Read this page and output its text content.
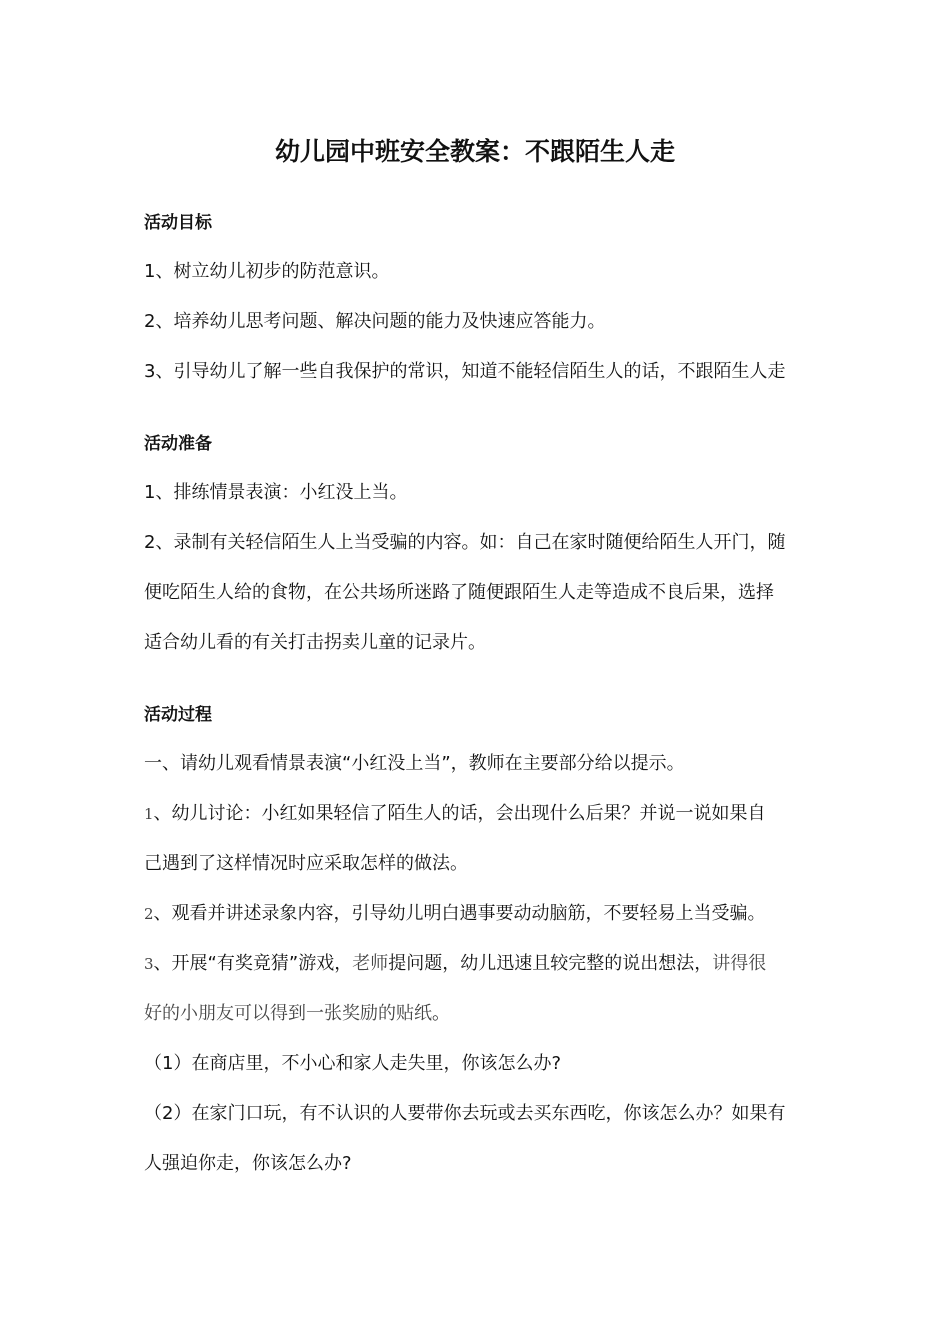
幼儿园中班安全教案：不跟陌生人走
活动目标
1、树立幼儿初步的防范意识。
2、培养幼儿思考问题、解决问题的能力及快速应答能力。
3、引导幼儿了解一些自我保护的常识，知道不能轻信陌生人的话，不跟陌生人走
活动准备
1、排练情景表演：小红没上当。
2、录制有关轻信陌生人上当受骗的内容。如：自己在家时随便给陌生人开门，随
便吃陌生人给的食物，在公共场所迷路了随便跟陌生人走等造成不良后果，选择
适合幼儿看的有关打击拐卖儿童的记录片。
活动过程
一、请幼儿观看情景表演“小红没上当”，教师在主要部分给以提示。
1、幼儿讨论：小红如果轻信了陌生人的话，会出现什么后果？并说一说如果自
己遇到了这样情况时应采取怎样的做法。
2、观看并讲述录象内容，引导幼儿明白遇事要动动脑筋，不要轻易上当受骗。
3、开展“有奖竟猜”游戏，老师提问题，幼儿迅速且较完整的说出想法，讲得很
好的小朋友可以得到一张奖励的贴纸。
（1）在商店里，不小心和家人走失里，你该怎么办?
（2）在家门口玩，有不认识的人要带你去玩或去买东西吃，你该怎么办？如果有
人强迫你走，你该怎么办?
